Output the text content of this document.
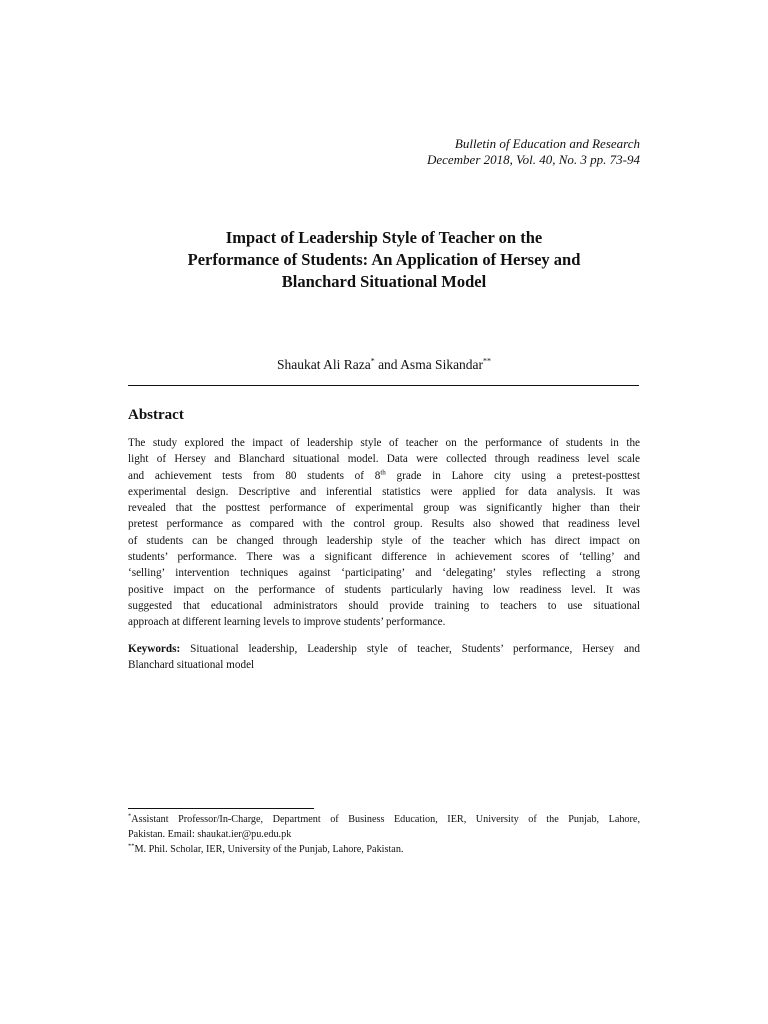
Bulletin of Education and Research
December 2018, Vol. 40, No. 3 pp. 73-94
Impact of Leadership Style of Teacher on the
Performance of Students: An Application of Hersey and
Blanchard Situational Model
Shaukat Ali Raza* and Asma Sikandar**
Abstract
The study explored the impact of leadership style of teacher on the performance of students in the
light of Hersey and Blanchard situational model. Data were collected through readiness level scale
and achievement tests from 80 students of 8th grade in Lahore city using a pretest-posttest
experimental design. Descriptive and inferential statistics were applied for data analysis. It was
revealed that the posttest performance of experimental group was significantly higher than their
pretest performance as compared with the control group. Results also showed that readiness level
of students can be changed through leadership style of the teacher which has direct impact on
students’ performance. There was a significant difference in achievement scores of ‘telling’ and
‘selling’ intervention techniques against ‘participating’ and ‘delegating’ styles reflecting a strong
positive impact on the performance of students particularly having low readiness level. It was
suggested that educational administrators should provide training to teachers to use situational
approach at different learning levels to improve students’ performance.
Keywords: Situational leadership, Leadership style of teacher, Students’ performance, Hersey and
Blanchard situational model
*Assistant Professor/In-Charge, Department of Business Education, IER, University of the Punjab, Lahore,
Pakistan. Email: shaukat.ier@pu.edu.pk
**M. Phil. Scholar, IER, University of the Punjab, Lahore, Pakistan.
